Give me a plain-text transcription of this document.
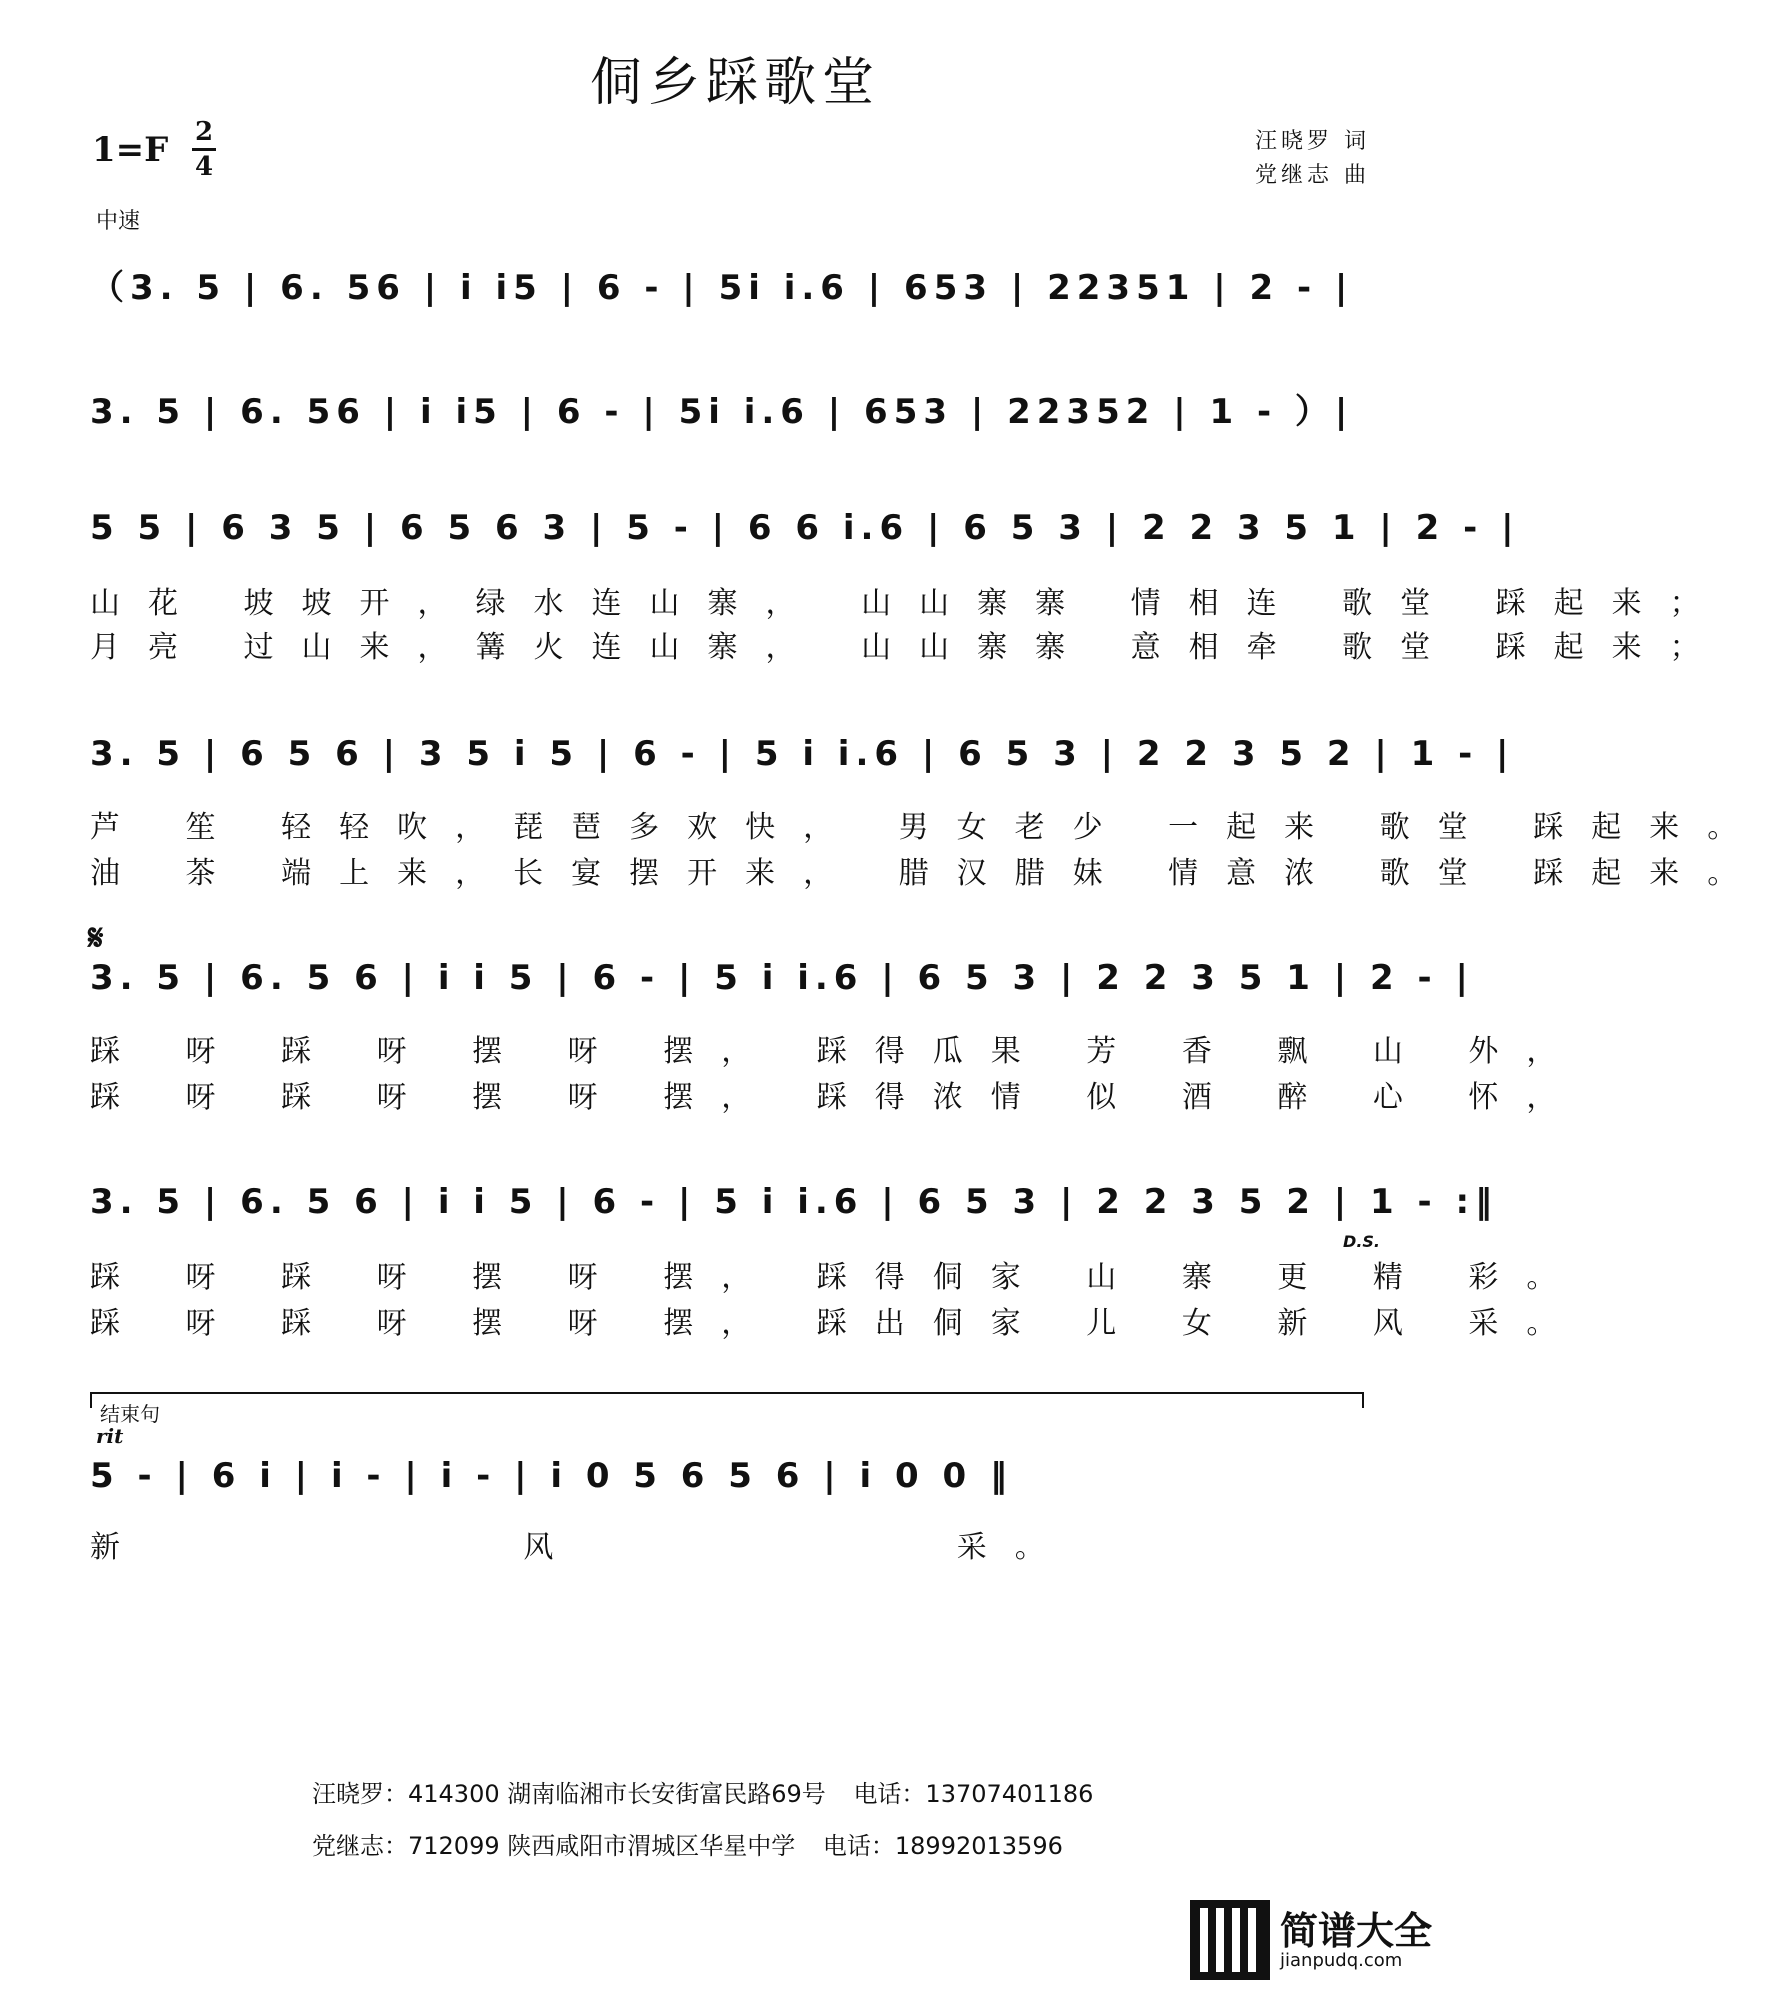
侗乡踩歌堂
1=F 2
4
汪晓罗 词
党继志 曲
中速
（3. 5 | 6. 56 | i i5 | 6 - | 5i i.6 | 653 | 22351 | 2 - |
3. 5 | 6. 56 | i i5 | 6 - | 5i i.6 | 653 | 22352 | 1 - ）|
5 5 | 6 3 5 | 6 5 6 3 | 5 - | 6 6 i.6 | 6 5 3 | 2 2 3 5 1 | 2 - |
山花 坡坡开，绿水连山寨， 山山寨寨 情相连 歌堂 踩起来；
月亮 过山来，篝火连山寨， 山山寨寨 意相牵 歌堂 踩起来；
3. 5 | 6 5 6 | 3 5 i 5 | 6 - | 5 i i.6 | 6 5 3 | 2 2 3 5 2 | 1 - |
芦 笙 轻轻吹，琵琶多欢快， 男女老少 一起来 歌堂 踩起来。
油 茶 端上来，长宴摆开来， 腊汉腊妹 情意浓 歌堂 踩起来。
𝄋
3. 5 | 6. 5 6 | i i 5 | 6 - | 5 i i.6 | 6 5 3 | 2 2 3 5 1 | 2 - |
踩 呀 踩 呀 摆 呀 摆， 踩得瓜果 芳 香 飘 山 外，
踩 呀 踩 呀 摆 呀 摆， 踩得浓情 似 酒 醉 心 怀，
3. 5 | 6. 5 6 | i i 5 | 6 - | 5 i i.6 | 6 5 3 | 2 2 3 5 2 | 1 - :‖
D.S.
踩 呀 踩 呀 摆 呀 摆， 踩得侗家 山 寨 更 精 彩。
踩 呀 踩 呀 摆 呀 摆， 踩出侗家 儿 女 新 风 采。
结束句
rit
5 - | 6 i | i - | i - | i 0 5 6 5 6 | i 0 0 ‖
新          风          采。
汪晓罗：414300 湖南临湘市长安街富民路69号 电话：13707401186
党继志：712099 陕西咸阳市渭城区华星中学 电话：18992013596
简谱大全
jianpudq.com
